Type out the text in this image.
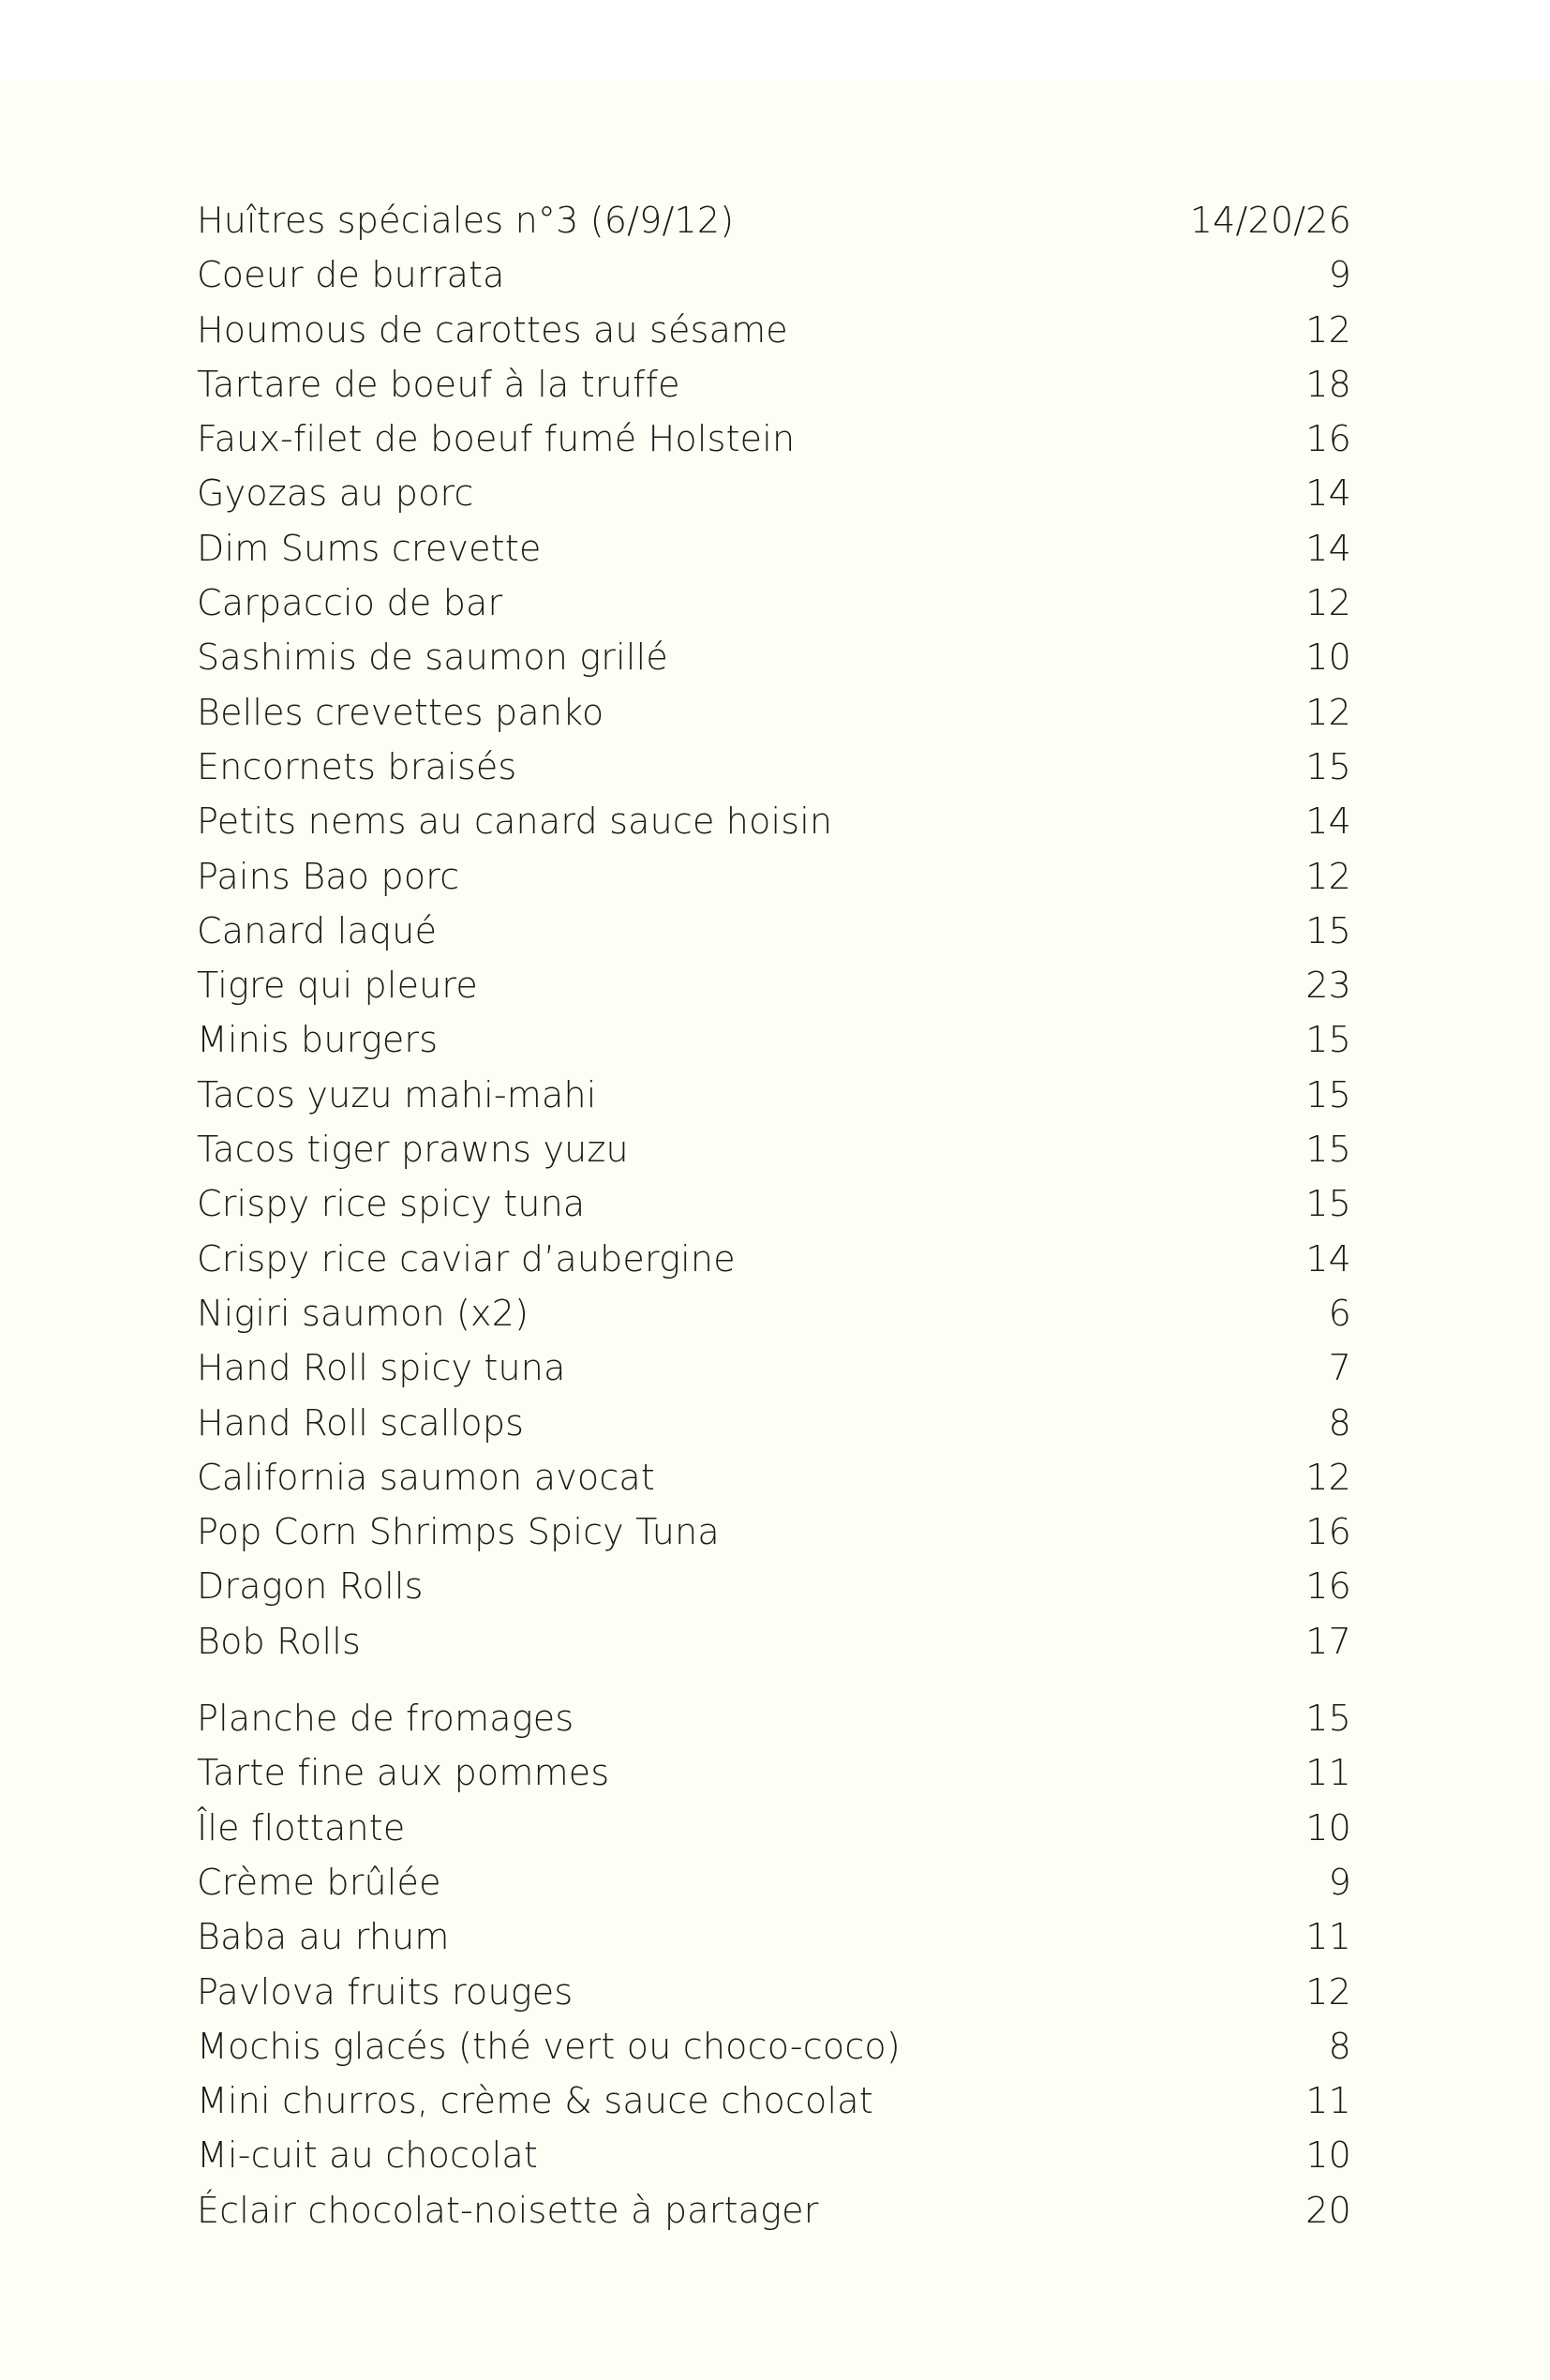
Huîtres spéciales n°3 (6/9/12)	14/20/26
Coeur de burrata	9
Houmous de carottes au sésame	12
Tartare de boeuf à la truffe	18
Faux-filet de boeuf fumé Holstein	16
Gyozas au porc	14
Dim Sums crevette	14
Carpaccio de bar	12
Sashimis de saumon grillé	10
Belles crevettes panko	12
Encornets braisés	15
Petits nems au canard sauce hoisin	14
Pains Bao porc	12
Canard laqué	15
Tigre qui pleure	23
Minis burgers	15
Tacos yuzu mahi-mahi	15
Tacos tiger prawns yuzu	15
Crispy rice spicy tuna	15
Crispy rice caviar d’aubergine	14
Nigiri saumon (x2)	6
Hand Roll spicy tuna	7
Hand Roll scallops	8
California saumon avocat	12
Pop Corn Shrimps Spicy Tuna	16
Dragon Rolls	16
Bob Rolls	17
Planche de fromages	15
Tarte fine aux pommes	11
Île flottante	10
Crème brûlée	9
Baba au rhum	11
Pavlova fruits rouges	12
Mochis glacés (thé vert ou choco-coco)	8
Mini churros, crème & sauce chocolat	11
Mi-cuit au chocolat	10
Éclair chocolat-noisette à partager	20
